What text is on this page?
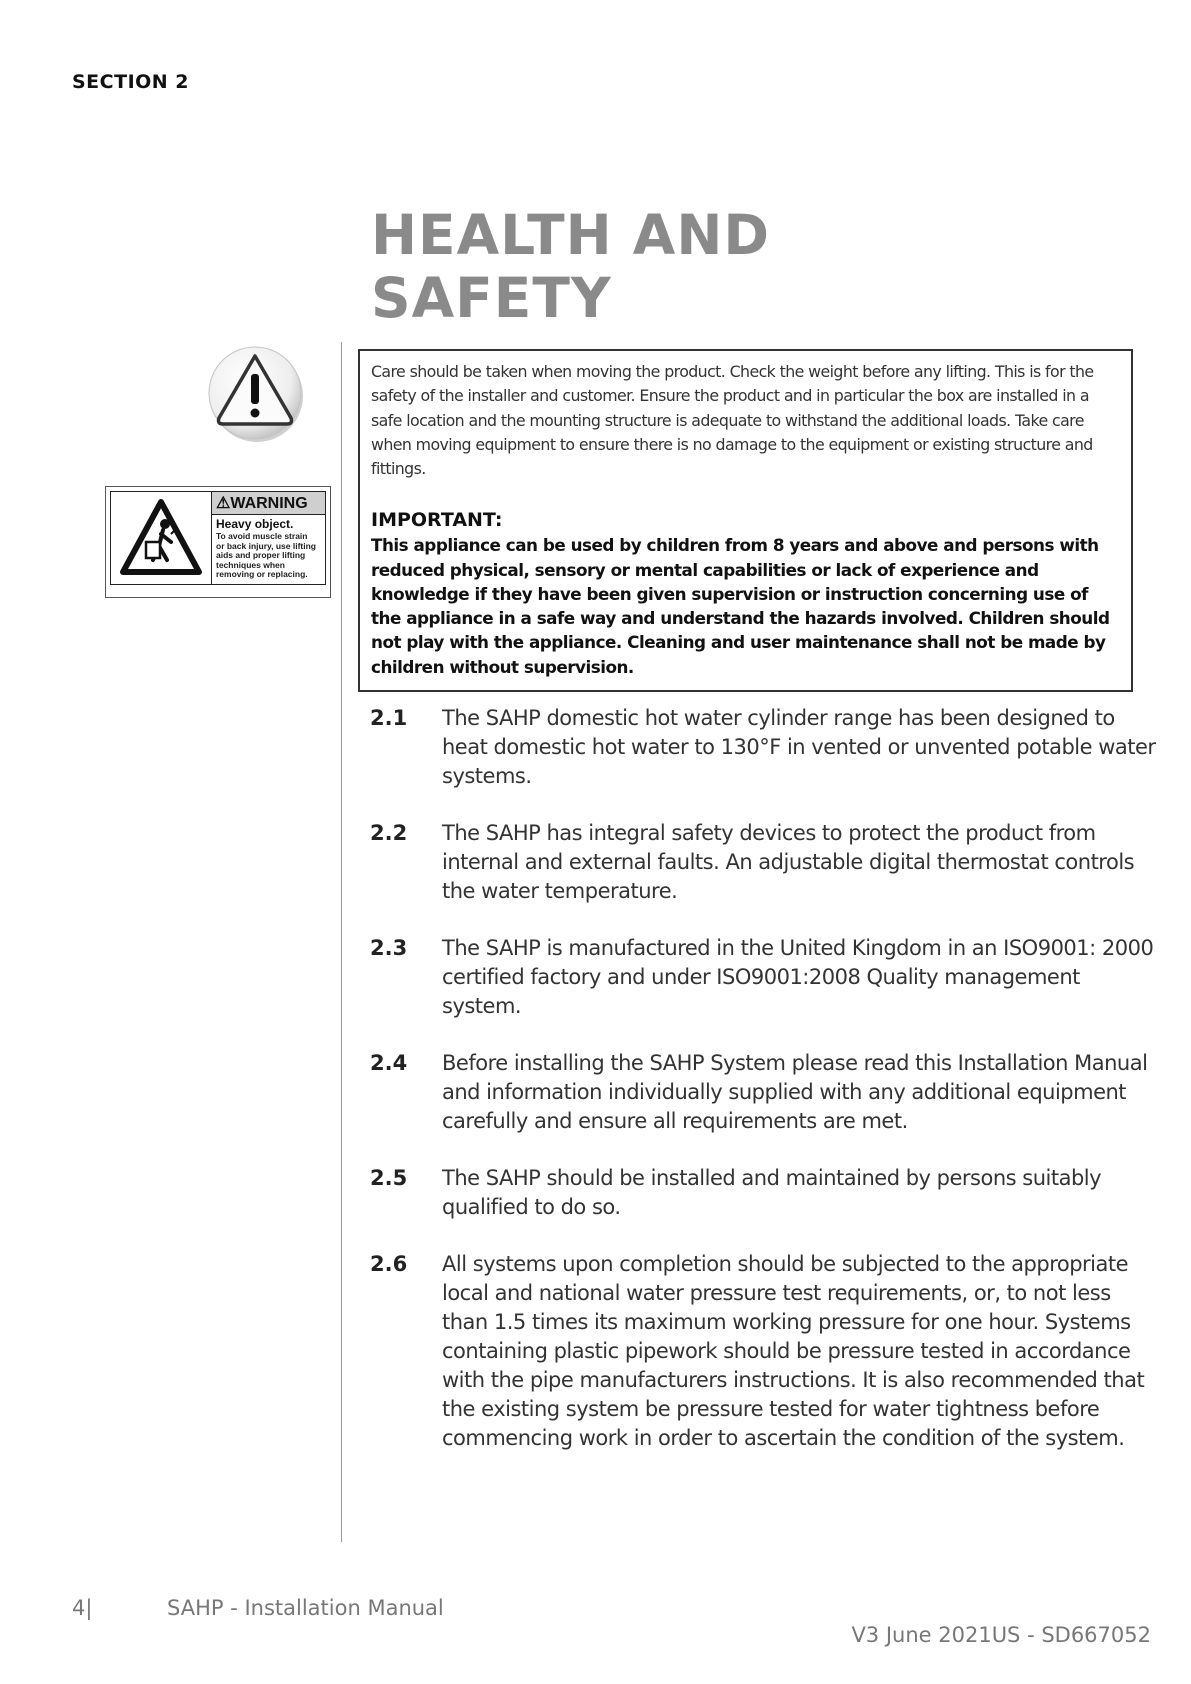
SECTION 2
HEALTH AND
SAFETY
⚠WARNING
Heavy object.
To avoid muscle strain
or back injury, use lifting
aids and proper lifting
techniques when
removing or replacing.

Care should be taken when moving the product. Check the weight before any lifting. This is for the safety of the installer and customer. Ensure the product and in particular the box are installed in a safe location and the mounting structure is adequate to withstand the additional loads. Take care when moving equipment to ensure there is no damage to the equipment or existing structure and fittings.

IMPORTANT:

This appliance can be used by children from 8 years and above and persons with reduced physical, sensory or mental capabilities or lack of experience and knowledge if they have been given supervision or instruction concerning use of the appliance in a safe way and understand the hazards involved. Children should not play with the appliance. Cleaning and user maintenance shall not be made by children without supervision.

2.1	The SAHP domestic hot water cylinder range has been designed to heat domestic hot water to 130°F in vented or unvented potable water systems.
2.2	The SAHP has integral safety devices to protect the product from internal and external faults. An adjustable digital thermostat controls the water temperature.
2.3	The SAHP is manufactured in the United Kingdom in an ISO9001: 2000 certified factory and under ISO9001:2008 Quality management system.
2.4	Before installing the SAHP System please read this Installation Manual and information individually supplied with any additional equipment carefully and ensure all requirements are met.
2.5	The SAHP should be installed and maintained by persons suitably qualified to do so.
2.6	All systems upon completion should be subjected to the appropriate local and national water pressure test requirements, or, to not less than 1.5 times its maximum working pressure for one hour. Systems containing plastic pipework should be pressure tested in accordance with the pipe manufacturers instructions. It is also recommended that the existing system be pressure tested for water tightness before commencing work in order to ascertain the condition of the system.
4|	SAHP - Installation Manual
V3 June 2021US - SD667052
